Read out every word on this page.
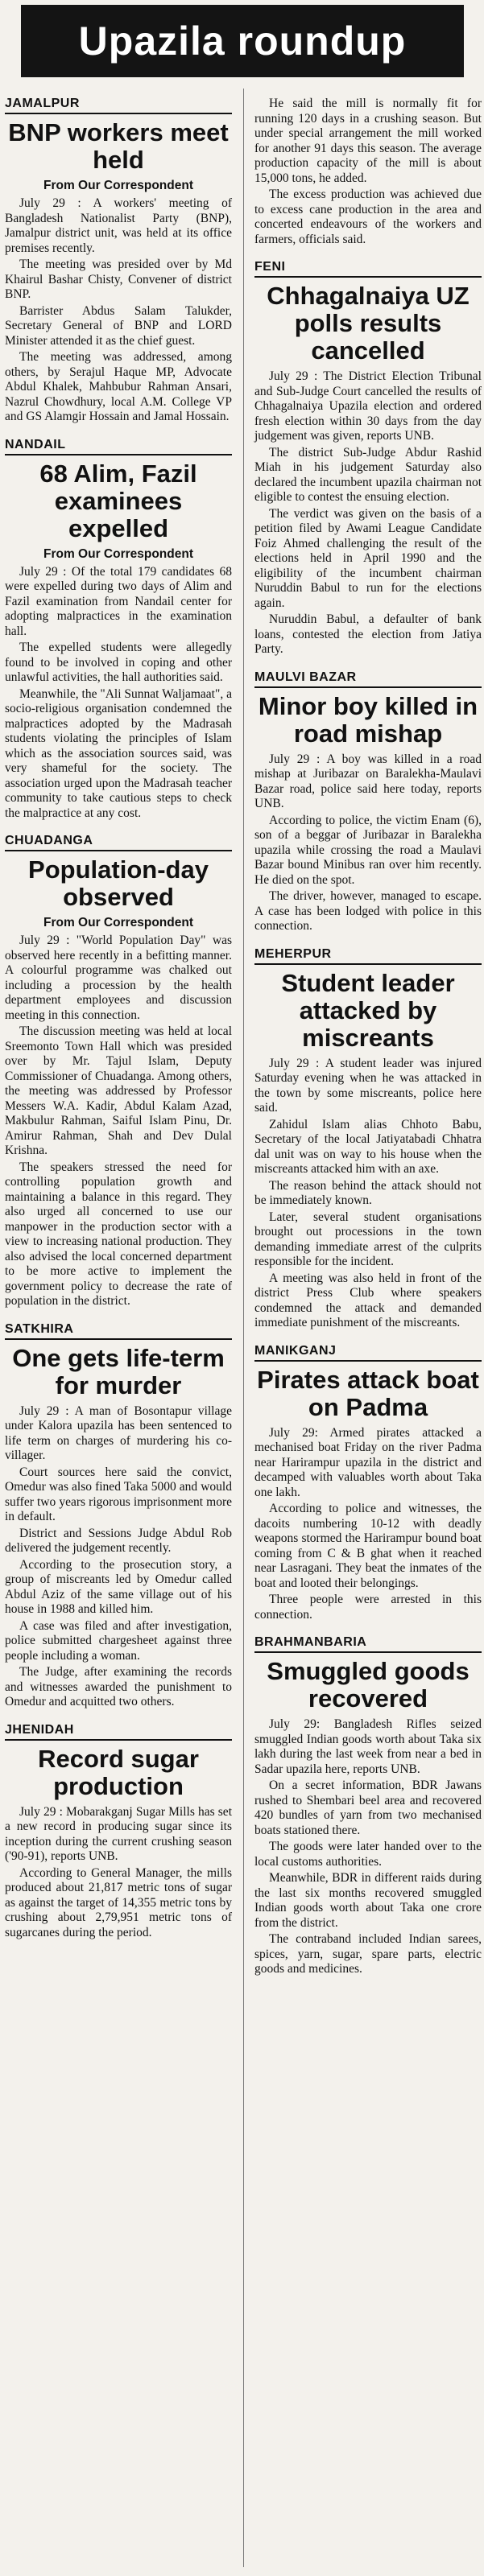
Upazila roundup
JAMALPUR
BNP workers meet held
From Our Correspondent

July 29 : A workers' meeting of Bangladesh Nationalist Party (BNP), Jamalpur district unit, was held at its office premises recently.

The meeting was presided over by Md Khairul Bashar Chisty, Convener of district BNP.

Barrister Abdus Salam Talukder, Secretary General of BNP and LORD Minister attended it as the chief guest.

The meeting was addressed, among others, by Serajul Haque MP, Advocate Abdul Khalek, Mahbubur Rahman Ansari, Nazrul Chowdhury, local A.M. College VP and GS Alamgir Hossain and Jamal Hossain.

NANDAIL
68 Alim, Fazil examinees expelled
From Our Correspondent

July 29 : Of the total 179 candidates 68 were expelled during two days of Alim and Fazil examination from Nandail center for adopting malpractices in the examination hall.

The expelled students were allegedly found to be involved in coping and other unlawful activities, the hall authorities said.

Meanwhile, the "Ali Sunnat Waljamaat", a socio-religious organisation condemned the malpractices adopted by the Madrasah students violating the principles of Islam which as the association sources said, was very shameful for the society. The association urged upon the Madrasah teacher community to take cautious steps to check the malpractice at any cost.

CHUADANGA
Population-day observed
From Our Correspondent

July 29 : "World Population Day" was observed here recently in a befitting manner. A colourful programme was chalked out including a procession by the health department employees and discussion meeting in this connection.

The discussion meeting was held at local Sreemonto Town Hall which was presided over by Mr. Tajul Islam, Deputy Commissioner of Chuadanga. Among others, the meeting was addressed by Professor Messers W.A. Kadir, Abdul Kalam Azad, Makbulur Rahman, Saiful Islam Pinu, Dr. Amirur Rahman, Shah and Dev Dulal Krishna.

The speakers stressed the need for controlling population growth and maintaining a balance in this regard. They also urged all concerned to use our manpower in the production sector with a view to increasing national production. They also advised the local concerned department to be more active to implement the government policy to decrease the rate of population in the district.

SATKHIRA
One gets life-term for murder

July 29 : A man of Bosontapur village under Kalora upazila has been sentenced to life term on charges of murdering his co-villager.

Court sources here said the convict, Omedur was also fined Taka 5000 and would suffer two years rigorous imprisonment more in default.

District and Sessions Judge Abdul Rob delivered the judgement recently.

According to the prosecution story, a group of miscreants led by Omedur called Abdul Aziz of the same village out of his house in 1988 and killed him.

A case was filed and after investigation, police submitted chargesheet against three people including a woman.

The Judge, after examining the records and witnesses awarded the punishment to Omedur and acquitted two others.

JHENIDAH
Record sugar production

July 29 : Mobarakganj Sugar Mills has set a new record in producing sugar since its inception during the current crushing season ('90-91), reports UNB.

According to General Manager, the mills produced about 21,817 metric tons of sugar as against the target of 14,355 metric tons by crushing about 2,79,951 metric tons of sugarcanes during the period.

He said the mill is normally fit for running 120 days in a crushing season. But under special arrangement the mill worked for another 91 days this season. The average production capacity of the mill is about 15,000 tons, he added.

The excess production was achieved due to excess cane production in the area and concerted endeavours of the workers and farmers, officials said.

FENI
Chhagalnaiya UZ polls results cancelled

July 29 : The District Election Tribunal and Sub-Judge Court cancelled the results of Chhagalnaiya Upazila election and ordered fresh election within 30 days from the day judgement was given, reports UNB.

The district Sub-Judge Abdur Rashid Miah in his judgement Saturday also declared the incumbent upazila chairman not eligible to contest the ensuing election.

The verdict was given on the basis of a petition filed by Awami League Candidate Foiz Ahmed challenging the result of the elections held in April 1990 and the eligibility of the incumbent chairman Nuruddin Babul to run for the elections again.

Nuruddin Babul, a defaulter of bank loans, contested the election from Jatiya Party.

MAULVI BAZAR
Minor boy killed in road mishap

July 29 : A boy was killed in a road mishap at Juribazar on Baralekha-Maulavi Bazar road, police said here today, reports UNB.

According to police, the victim Enam (6), son of a beggar of Juribazar in Baralekha upazila while crossing the road a Maulavi Bazar bound Minibus ran over him recently. He died on the spot.

The driver, however, managed to escape. A case has been lodged with police in this connection.

MEHERPUR
Student leader attacked by miscreants

July 29 : A student leader was injured Saturday evening when he was attacked in the town by some miscreants, police here said.

Zahidul Islam alias Chhoto Babu, Secretary of the local Jatiyatabadi Chhatra dal unit was on way to his house when the miscreants attacked him with an axe.

The reason behind the attack should not be immediately known.

Later, several student organisations brought out processions in the town demanding immediate arrest of the culprits responsible for the incident.

A meeting was also held in front of the district Press Club where speakers condemned the attack and demanded immediate punishment of the miscreants.

MANIKGANJ
Pirates attack boat on Padma

July 29: Armed pirates attacked a mechanised boat Friday on the river Padma near Harirampur upazila in the district and decamped with valuables worth about Taka one lakh.

According to police and witnesses, the dacoits numbering 10-12 with deadly weapons stormed the Harirampur bound boat coming from C & B ghat when it reached near Lasragani. They beat the inmates of the boat and looted their belongings.

Three people were arrested in this connection.

BRAHMANBARIA
Smuggled goods recovered

July 29: Bangladesh Rifles seized smuggled Indian goods worth about Taka six lakh during the last week from near a bed in Sadar upazila here, reports UNB.

On a secret information, BDR Jawans rushed to Shembari beel area and recovered 420 bundles of yarn from two mechanised boats stationed there.

The goods were later handed over to the local customs authorities.

Meanwhile, BDR in different raids during the last six months recovered smuggled Indian goods worth about Taka one crore from the district.

The contraband included Indian sarees, spices, yarn, sugar, spare parts, electric goods and medicines.
